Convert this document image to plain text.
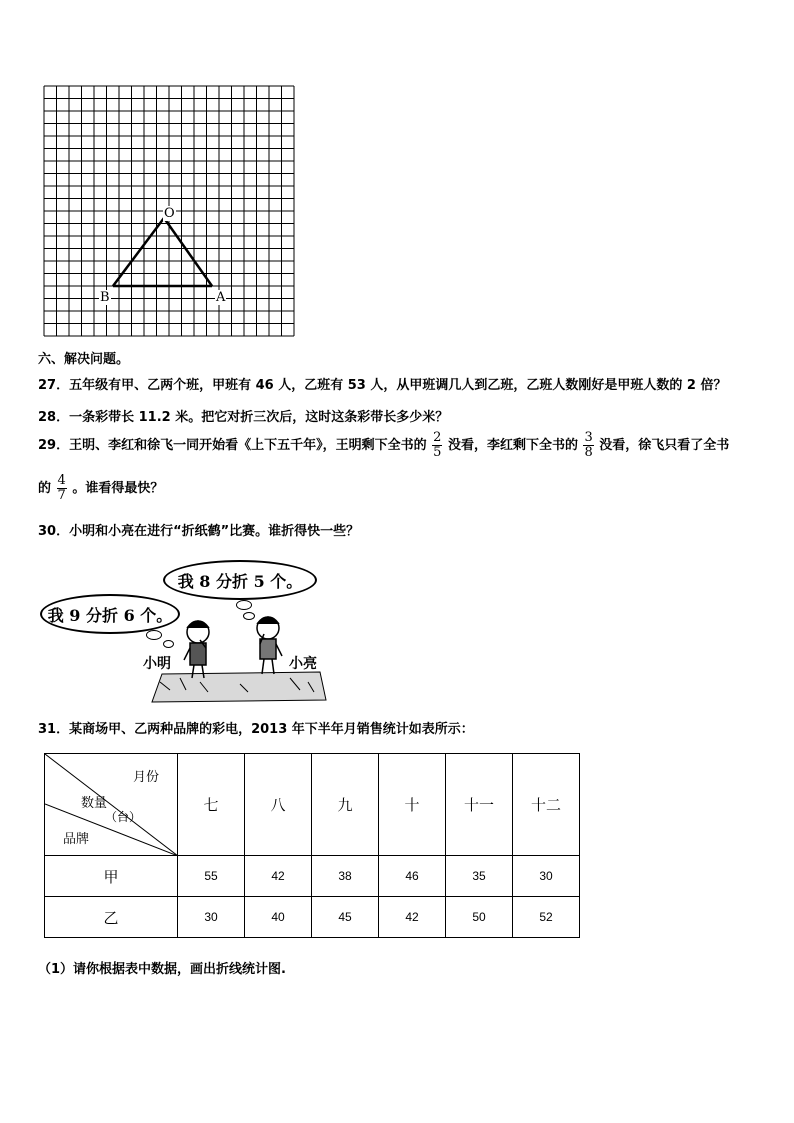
O
B	A
六、解决问题。
27．五年级有甲、乙两个班，甲班有 46 人，乙班有 53 人，从甲班调几人到乙班，乙班人数刚好是甲班人数的 2 倍？
28．一条彩带长 11.2 米。把它对折三次后，这时这条彩带长多少米？
29．王明、李红和徐飞一同开始看《上下五千年》，王明剩下全书的 $\frac{2}{5}$ 没看，李红剩下全书的 $\frac{3}{8}$ 没看，徐飞只看了全书
的 $\frac{4}{7}$ 。谁看得最快？
30．小明和小亮在进行“折纸鹤”比赛。谁折得快一些？
我 8 分折 5 个。
我 9 分折 6 个。
小明	小亮
31．某商场甲、乙两种品牌的彩电，2013 年下半年月销售统计如表所示：
月份
数量
（台）
品牌	七	八	九	十	十一	十二
甲	55	42	38	46	35	30
乙	30	40	45	42	50	52
（1）请你根据表中数据，画出折线统计图.
